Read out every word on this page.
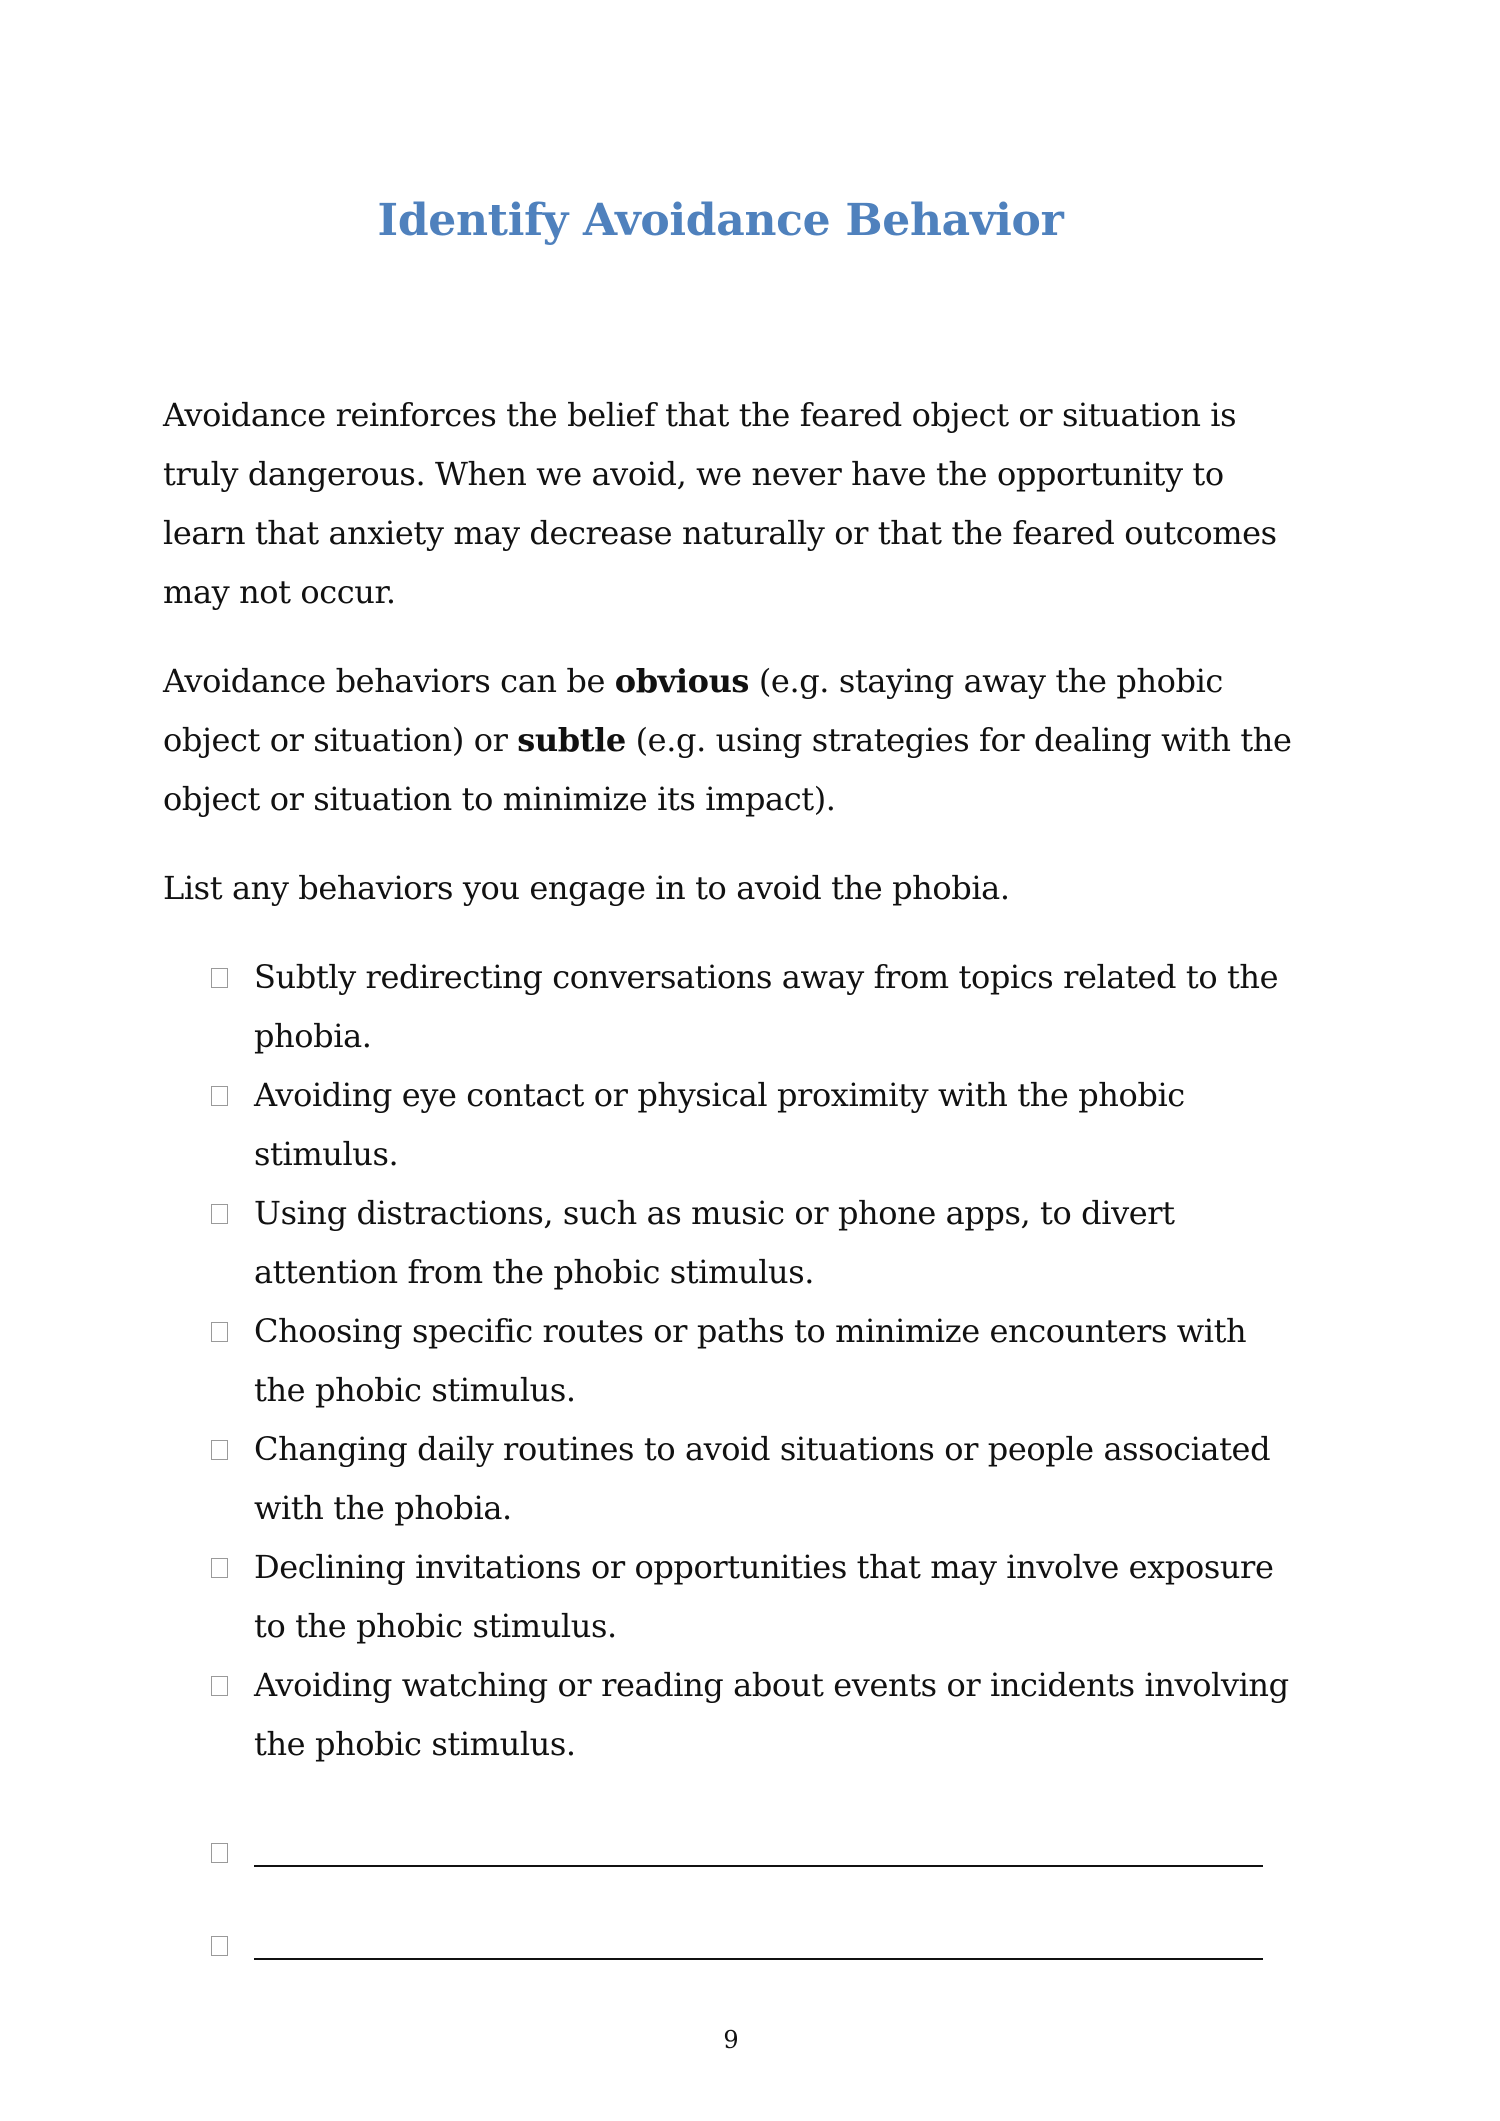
Identify Avoidance Behavior

Avoidance reinforces the belief that the feared object or situation is truly dangerous. When we avoid, we never have the opportunity to learn that anxiety may decrease naturally or that the feared outcomes may not occur.

Avoidance behaviors can be obvious (e.g. staying away the phobic object or situation) or subtle (e.g. using strategies for dealing with the object or situation to minimize its impact).

List any behaviors you engage in to avoid the phobia.

Subtly redirecting conversations away from topics related to the phobia.
Avoiding eye contact or physical proximity with the phobic stimulus.
Using distractions, such as music or phone apps, to divert attention from the phobic stimulus.
Choosing specific routes or paths to minimize encounters with the phobic stimulus.
Changing daily routines to avoid situations or people associated with the phobia.
Declining invitations or opportunities that may involve exposure to the phobic stimulus.
Avoiding watching or reading about events or incidents involving the phobic stimulus.

9
